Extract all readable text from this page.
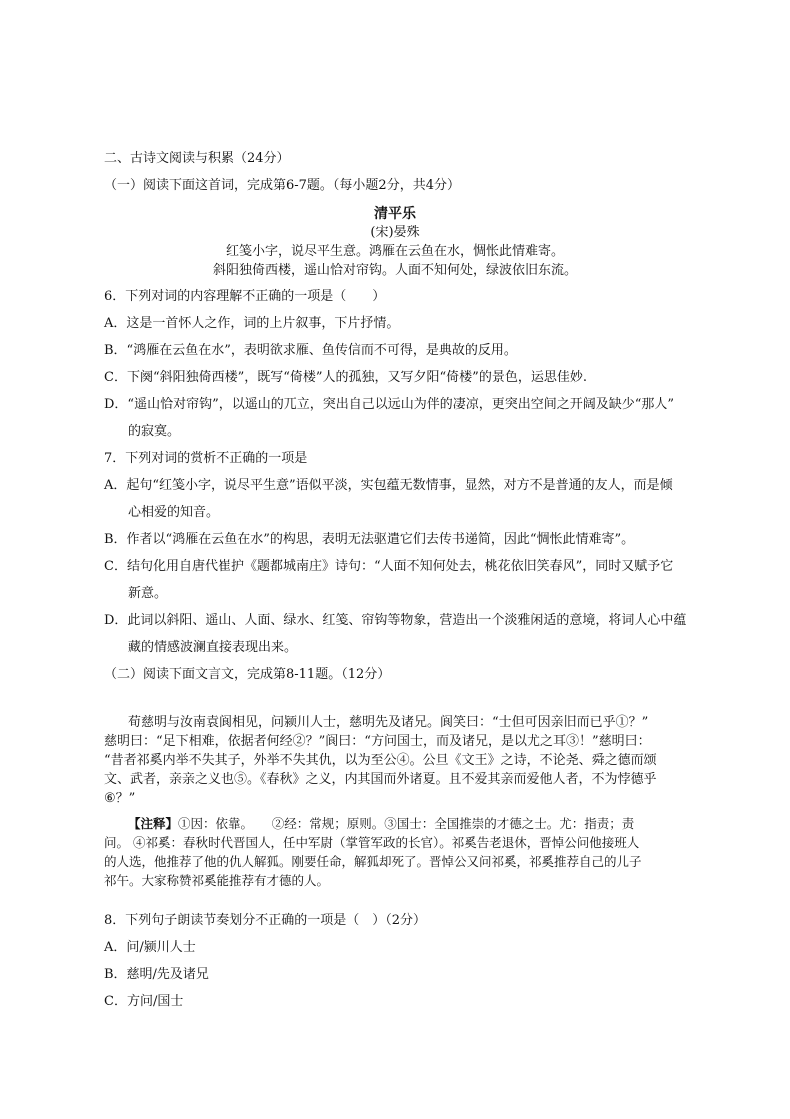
二、古诗文阅读与积累（24分）
（一）阅读下面这首词，完成第6-7题。（每小题2分，共4分）
清平乐
(宋)晏殊
红笺小字，说尽平生意。鸿雁在云鱼在水，惆怅此情难寄。
斜阳独倚西楼，遥山恰对帘钩。人面不知何处，绿波依旧东流。
6．下列对词的内容理解不正确的一项是（　　）
A．这是一首怀人之作，词的上片叙事，下片抒情。
B．“鸿雁在云鱼在水”，表明欲求雁、鱼传信而不可得，是典故的反用。
C．下阕“斜阳独倚西楼”，既写“倚楼”人的孤独，又写夕阳“倚楼”的景色，运思佳妙.
D．“遥山恰对帘钩”，以遥山的兀立，突出自己以远山为伴的凄凉，更突出空间之开阔及缺少“那人”
的寂寞。
7．下列对词的赏析不正确的一项是
A．起句“红笺小字，说尽平生意”语似平淡，实包蕴无数情事，显然，对方不是普通的友人，而是倾
心相爱的知音。
B．作者以“鸿雁在云鱼在水”的构思，表明无法驱遣它们去传书递简，因此“惆怅此情难寄”。
C．结句化用自唐代崔护《题都城南庄》诗句：“人面不知何处去，桃花依旧笑春风”，同时又赋予它
新意。
D．此词以斜阳、遥山、人面、绿水、红笺、帘钩等物象，营造出一个淡雅闲适的意境，将词人心中蕴
藏的情感波澜直接表现出来。
（二）阅读下面文言文，完成第8-11题。（12分）
荀慈明与汝南袁阆相见，问颍川人士，慈明先及诸兄。阆笑曰：“士但可因亲旧而已乎①？”
慈明曰：“足下相难，依据者何经②？”阆曰：“方问国士，而及诸兄，是以尤之耳③！”慈明曰：
“昔者祁奚内举不失其子，外举不失其仇，以为至公④。公旦《文王》之诗，不论尧、舜之德而颂
文、武者，亲亲之义也⑤。《春秋》之义，内其国而外诸夏。且不爱其亲而爱他人者，不为悖德乎
⑥？”
【注释】①因：依靠。　　②经：常规；原则。③国士：全国推崇的才德之士。尤：指责；责
问。 ④祁奚：春秋时代晋国人，任中军尉（掌管军政的长官）。祁奚告老退休，晋悼公问他接班人
的人选，他推荐了他的仇人解狐。刚要任命，解狐却死了。晋悼公又问祁奚，祁奚推荐自己的儿子
祁午。大家称赞祁奚能推荐有才德的人。
8．下列句子朗读节奏划分不正确的一项是（　）（2分）
A．问/颍川人士
B．慈明/先及诸兄
C．方问/国士
